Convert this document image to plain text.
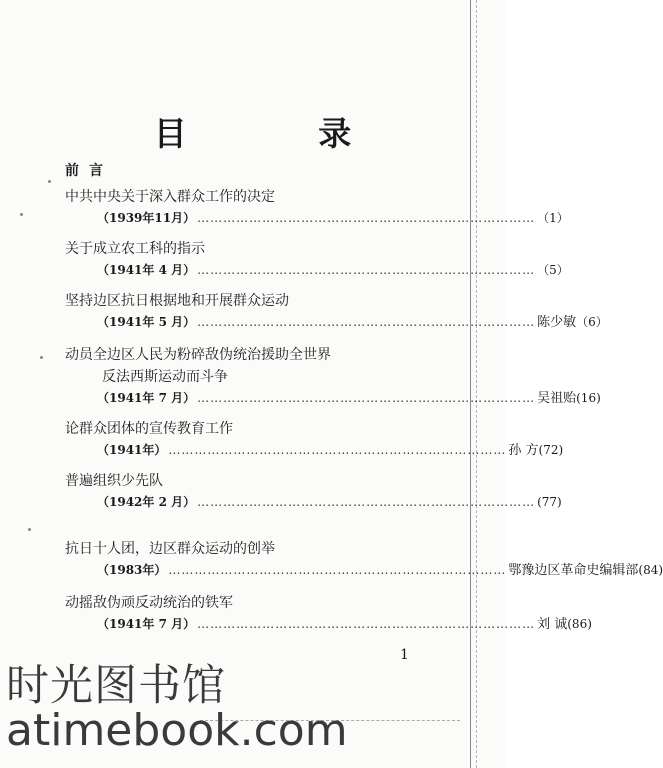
目 录
前言
中共中央关于深入群众工作的决定
（1939年11月） …………………………………………………………………… （1）
关于成立农工科的指示
（1941年 4 月） …………………………………………………………………… （5）
坚持边区抗日根据地和开展群众运动
（1941年 5 月） …………………………………………………………………… 陈少敏 （6）
动员全边区人民为粉碎敌伪统治援助全世界
反法西斯运动而斗争
（1941年 7 月） …………………………………………………………………… 吴祖贻 (16)
论群众团体的宣传教育工作
（1941年） …………………………………………………………………… 孙 方 (72)
普遍组织少先队
（1942年 2 月） …………………………………………………………………… (77)
抗日十人团，边区群众运动的创举
（1983年） …………………………………………………………………… 鄂豫边区革命史编辑部 (84)
动摇敌伪顽反动统治的铁军
（1941年 7 月） …………………………………………………………………… 刘 诚 (86)
1
时光图书馆
atimebook.com
